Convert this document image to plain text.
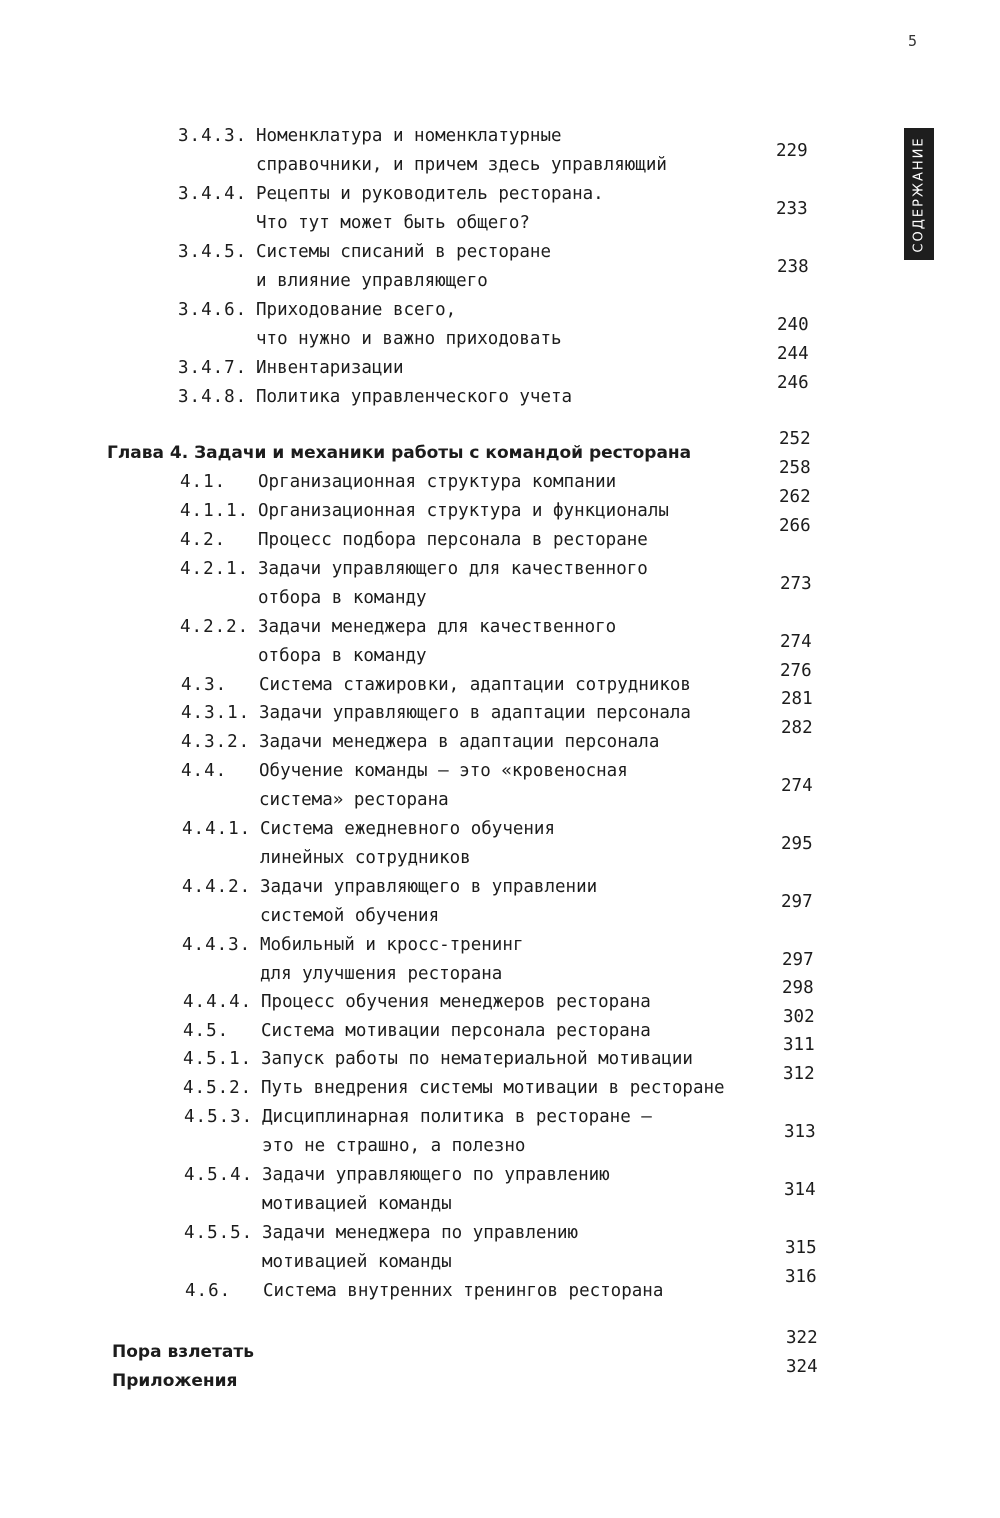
5
СОДЕРЖАНИЕ
3.4.3. Номенклатура и номенклатурные
справочники, и причем здесь управляющий
229
3.4.4. Рецепты и руководитель ресторана.
Что тут может быть общего?
233
3.4.5. Системы списаний в ресторане
и влияние управляющего
238
3.4.6. Приходование всего,
что нужно и важно приходовать
240
3.4.7. Инвентаризации
244
3.4.8. Политика управленческого учета
246
Глава 4. Задачи и механики работы с командой ресторана
252
4.1. Организационная структура компании
258
4.1.1. Организационная структура и функционалы
262
4.2. Процесс подбора персонала в ресторане
266
4.2.1. Задачи управляющего для качественного
отбора в команду
273
4.2.2. Задачи менеджера для качественного
отбора в команду
274
4.3. Система стажировки, адаптации сотрудников
276
4.3.1. Задачи управляющего в адаптации персонала
281
4.3.2. Задачи менеджера в адаптации персонала
282
4.4. Обучение команды — это «кровеносная
система» ресторана
274
4.4.1. Система ежедневного обучения
линейных сотрудников
295
4.4.2. Задачи управляющего в управлении
системой обучения
297
4.4.3. Мобильный и кросс-тренинг
для улучшения ресторана
297
4.4.4. Процесс обучения менеджеров ресторана
298
4.5. Система мотивации персонала ресторана
302
4.5.1. Запуск работы по нематериальной мотивации
311
4.5.2. Путь внедрения системы мотивации в ресторане
312
4.5.3. Дисциплинарная политика в ресторане —
это не страшно, а полезно
313
4.5.4. Задачи управляющего по управлению
мотивацией команды
314
4.5.5. Задачи менеджера по управлению
мотивацией команды
315
4.6. Система внутренних тренингов ресторана
316
Пора взлетать
322
Приложения
324
